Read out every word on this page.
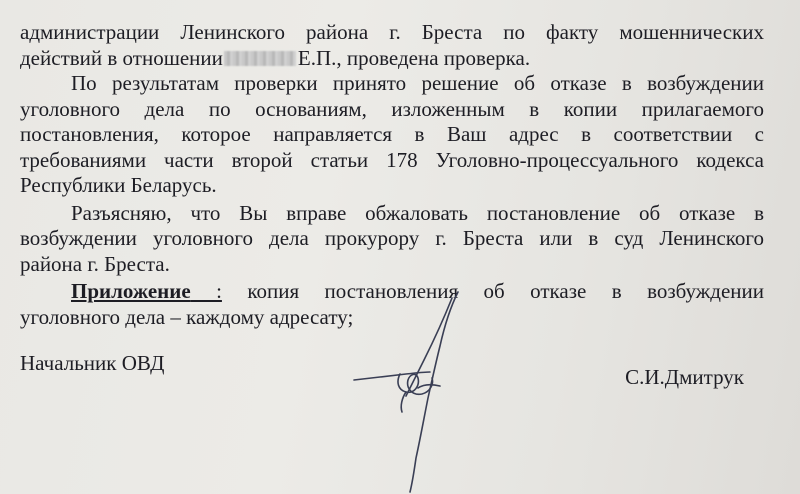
администрации Ленинского района г. Бреста по факту мошеннических
действий в отношении	Е.П., проведена проверка.
По результатам проверки принято решение об отказе в возбуждении
уголовного дела по основаниям, изложенным в копии прилагаемого
постановления, которое направляется в Ваш адрес в соответствии с
требованиями части второй статьи 178 Уголовно-процессуального кодекса
Республики Беларусь.
Разъясняю, что Вы вправе обжаловать постановление об отказе в
возбуждении уголовного дела прокурору г. Бреста или в суд Ленинского
района г. Бреста.
Приложение : копия постановления об отказе в возбуждении
уголовного дела – каждому адресату;
Начальник ОВД
С.И.Дмитрук
